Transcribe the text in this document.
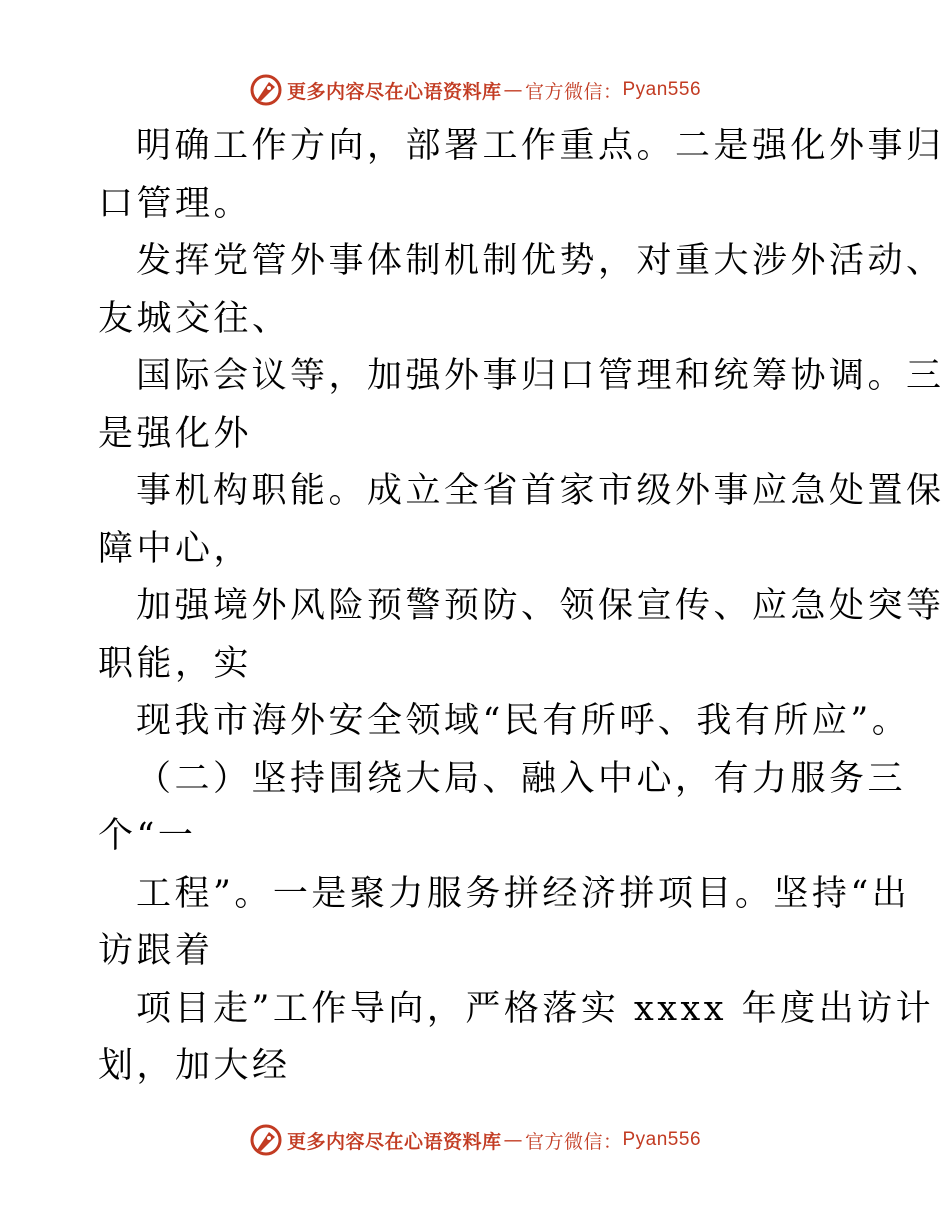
更多内容尽在心语资料库 — 官方微信： Pyan556
明确工作方向，部署工作重点。二是强化外事归
口管理。
发挥党管外事体制机制优势，对重大涉外活动、
友城交往、
国际会议等，加强外事归口管理和统筹协调。三
是强化外
事机构职能。成立全省首家市级外事应急处置保
障中心，
加强境外风险预警预防、领保宣传、应急处突等
职能，实
现我市海外安全领域“民有所呼、我有所应”。
（二）坚持围绕大局、融入中心，有力服务三
个“一
工程”。一是聚力服务拼经济拼项目。坚持“出
访跟着
项目走”工作导向，严格落实 xxxx 年度出访计
划，加大经
更多内容尽在心语资料库 — 官方微信： Pyan556
